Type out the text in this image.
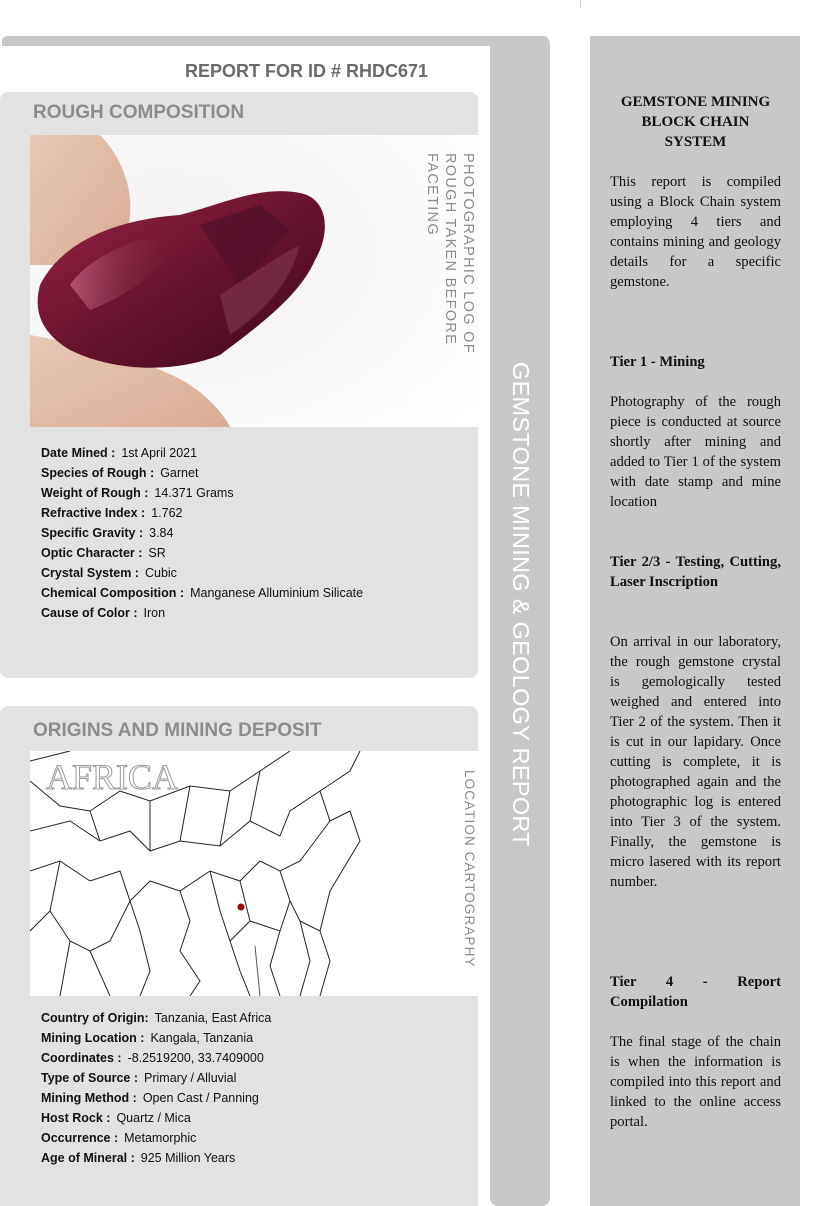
GEMSTONE MINING & GEOLOGY REPORT
REPORT FOR ID # RHDC671
ROUGH COMPOSITION
PHOTOGRAPHIC LOG OF ROUGH TAKEN BEFORE FACETING
Date Mined : 1st April 2021
Species of Rough : Garnet
Weight of Rough : 14.371 Grams
Refractive Index : 1.762
Specific Gravity : 3.84
Optic Character : SR
Crystal System : Cubic
Chemical Composition : Manganese Alluminium Silicate
Cause of Color : Iron
ORIGINS AND MINING DEPOSIT
AFRICA	LOCATION CARTOGRAPHY
Country of Origin: Tanzania, East Africa
Mining Location : Kangala, Tanzania
Coordinates : -8.2519200, 33.7409000
Type of Source : Primary / Alluvial
Mining Method : Open Cast / Panning
Host Rock : Quartz / Mica
Occurrence : Metamorphic
Age of Mineral : 925 Million Years
GEMSTONE MINING BLOCK CHAIN SYSTEM
This report is compiled using a Block Chain system employing 4 tiers and contains mining and geology details for a specific gemstone.
Tier 1 - Mining
Photography of the rough piece is conducted at source shortly after mining and added to Tier 1 of the system with date stamp and mine location
Tier 2/3 - Testing, Cutting, Laser Inscription
On arrival in our laboratory, the rough gemstone crystal is gemologically tested weighed and entered into Tier 2 of the system. Then it is cut in our lapidary. Once cutting is complete, it is photographed again and the photographic log is entered into Tier 3 of the system. Finally, the gemstone is micro lasered with its report number.
Tier 4 - Report Compilation
The final stage of the chain is when the information is compiled into this report and linked to the online access portal.
